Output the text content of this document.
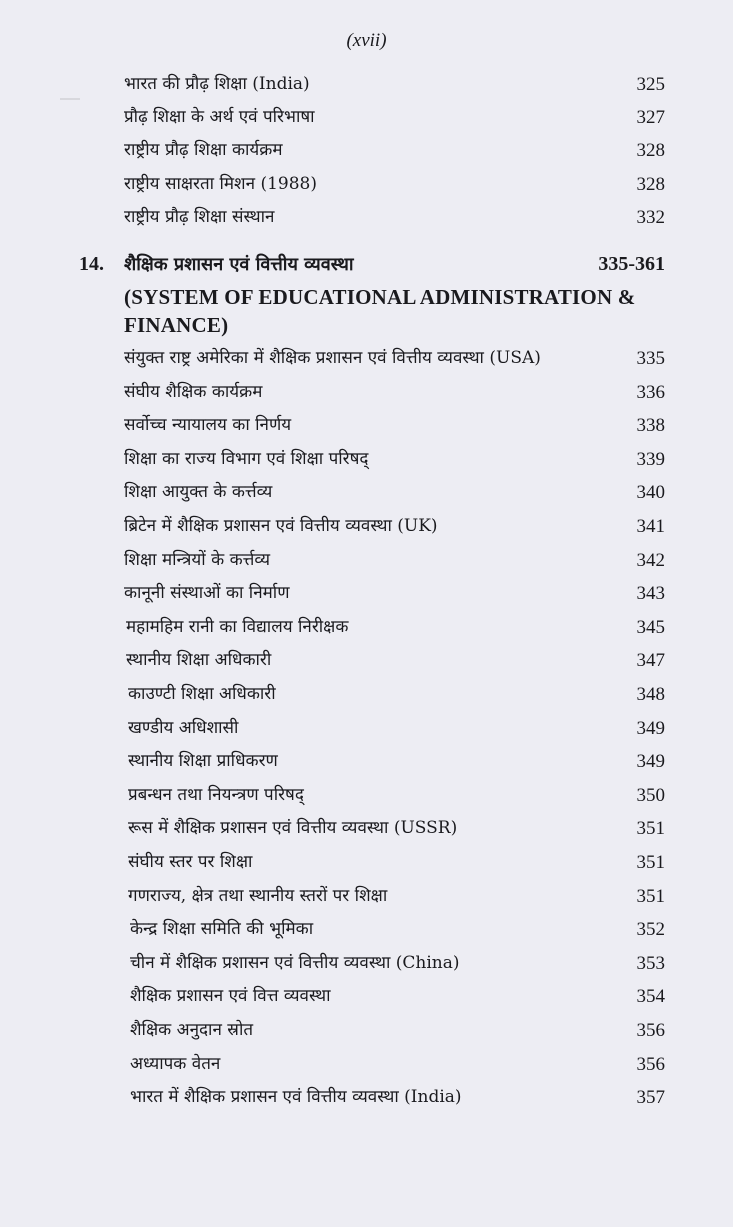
(xvii)
भारत की प्रौढ़ शिक्षा (India)	325
प्रौढ़ शिक्षा के अर्थ एवं परिभाषा	327
राष्ट्रीय प्रौढ़ शिक्षा कार्यक्रम	328
राष्ट्रीय साक्षरता मिशन (1988)	328
राष्ट्रीय प्रौढ़ शिक्षा संस्थान	332
14. शैक्षिक प्रशासन एवं वित्तीय व्यवस्था	335-361
(SYSTEM OF EDUCATIONAL ADMINISTRATION & FINANCE)
संयुक्त राष्ट्र अमेरिका में शैक्षिक प्रशासन एवं वित्तीय व्यवस्था (USA)	335
संघीय शैक्षिक कार्यक्रम	336
सर्वोच्च न्यायालय का निर्णय	338
शिक्षा का राज्य विभाग एवं शिक्षा परिषद्	339
शिक्षा आयुक्त के कर्त्तव्य	340
ब्रिटेन में शैक्षिक प्रशासन एवं वित्तीय व्यवस्था (UK)	341
शिक्षा मन्त्रियों के कर्त्तव्य	342
कानूनी संस्थाओं का निर्माण	343
महामहिम रानी का विद्यालय निरीक्षक	345
स्थानीय शिक्षा अधिकारी	347
काउण्टी शिक्षा अधिकारी	348
खण्डीय अधिशासी	349
स्थानीय शिक्षा प्राधिकरण	349
प्रबन्धन तथा नियन्त्रण परिषद्	350
रूस में शैक्षिक प्रशासन एवं वित्तीय व्यवस्था (USSR)	351
संघीय स्तर पर शिक्षा	351
गणराज्य, क्षेत्र तथा स्थानीय स्तरों पर शिक्षा	351
केन्द्र शिक्षा समिति की भूमिका	352
चीन में शैक्षिक प्रशासन एवं वित्तीय व्यवस्था (China)	353
शैक्षिक प्रशासन एवं वित्त व्यवस्था	354
शैक्षिक अनुदान स्रोत	356
अध्यापक वेतन	356
भारत में शैक्षिक प्रशासन एवं वित्तीय व्यवस्था (India)	357
